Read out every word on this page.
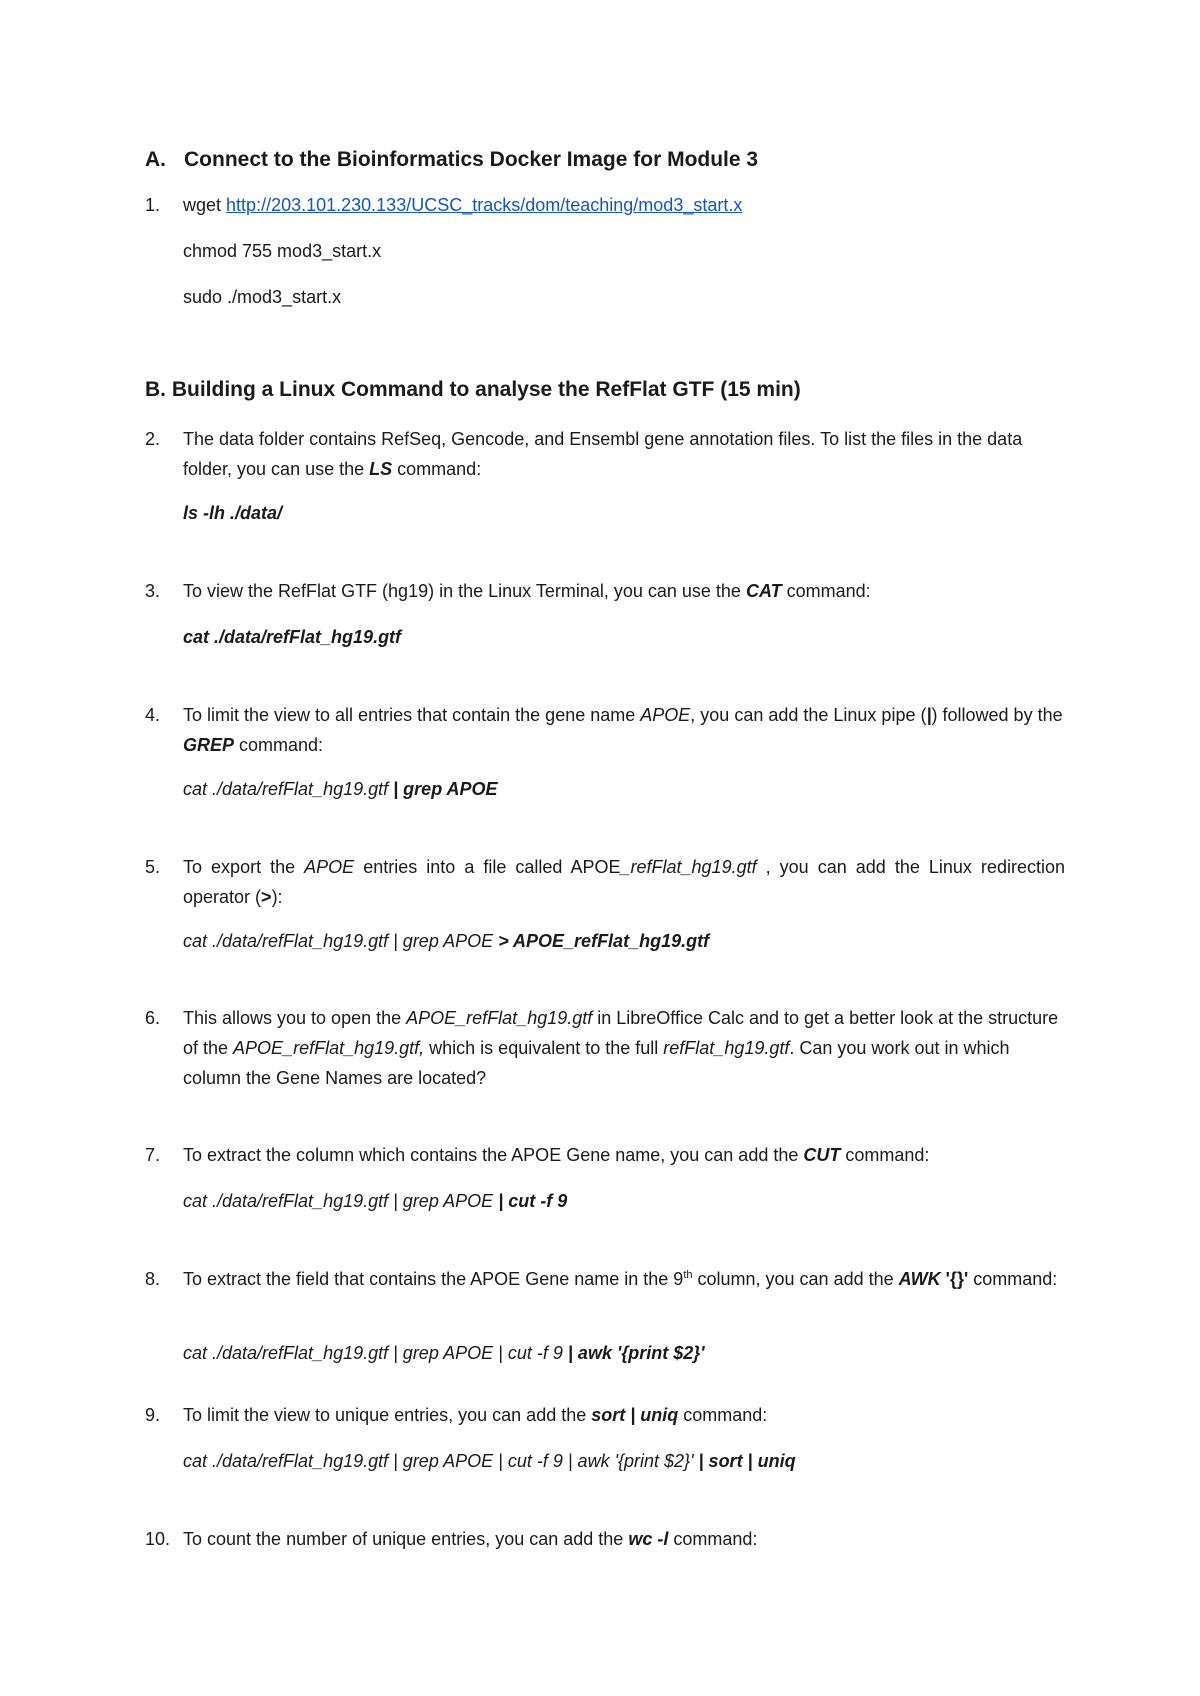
A. Connect to the Bioinformatics Docker Image for Module 3
1.	wget http://203.101.230.133/UCSC_tracks/dom/teaching/mod3_start.x
chmod 755 mod3_start.x
sudo ./mod3_start.x
B. Building a Linux Command to analyse the RefFlat GTF (15 min)
2.	The data folder contains RefSeq, Gencode, and Ensembl gene annotation files. To list the files in the data folder, you can use the LS command:
ls -lh ./data/
3.	To view the RefFlat GTF (hg19) in the Linux Terminal, you can use the CAT command:
cat ./data/refFlat_hg19.gtf
4.	To limit the view to all entries that contain the gene name APOE, you can add the Linux pipe (|) followed by the GREP command:
cat ./data/refFlat_hg19.gtf | grep APOE
5.	To export the APOE entries into a file called APOE_refFlat_hg19.gtf , you can add the Linux redirection operator (>):
cat ./data/refFlat_hg19.gtf | grep APOE > APOE_refFlat_hg19.gtf
6.	This allows you to open the APOE_refFlat_hg19.gtf in LibreOffice Calc and to get a better look at the structure of the APOE_refFlat_hg19.gtf, which is equivalent to the full refFlat_hg19.gtf. Can you work out in which column the Gene Names are located?
7.	To extract the column which contains the APOE Gene name, you can add the CUT command:
cat ./data/refFlat_hg19.gtf | grep APOE | cut -f 9
8.	To extract the field that contains the APOE Gene name in the 9th column, you can add the AWK '{}' command:
cat ./data/refFlat_hg19.gtf | grep APOE | cut -f 9 | awk '{print $2}'
9.	To limit the view to unique entries, you can add the sort | uniq command:
cat ./data/refFlat_hg19.gtf | grep APOE | cut -f 9 | awk '{print $2}' | sort | uniq
10. To count the number of unique entries, you can add the wc -l command:
